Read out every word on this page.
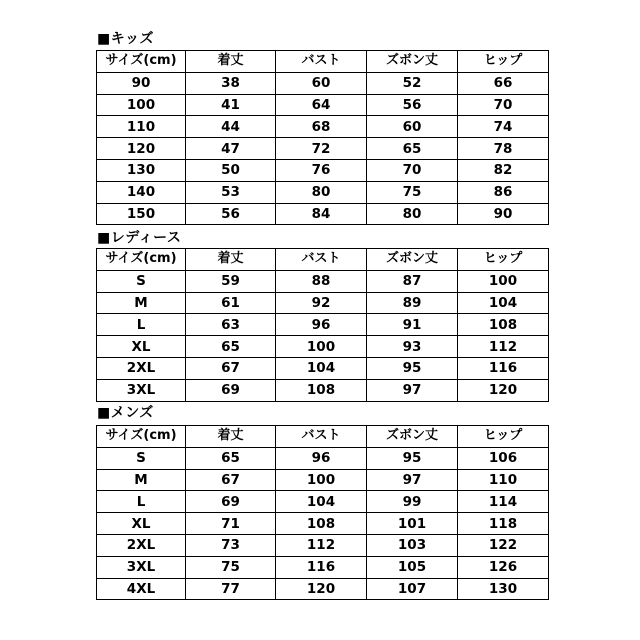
■キッズ
サイズ(cm)	着丈	バスト	ズボン丈	ヒップ
90	38	60	52	66
100	41	64	56	70
110	44	68	60	74
120	47	72	65	78
130	50	76	70	82
140	53	80	75	86
150	56	84	80	90
■レディース
サイズ(cm)	着丈	バスト	ズボン丈	ヒップ
S	59	88	87	100
M	61	92	89	104
L	63	96	91	108
XL	65	100	93	112
2XL	67	104	95	116
3XL	69	108	97	120
■メンズ
サイズ(cm)	着丈	バスト	ズボン丈	ヒップ
S	65	96	95	106
M	67	100	97	110
L	69	104	99	114
XL	71	108	101	118
2XL	73	112	103	122
3XL	75	116	105	126
4XL	77	120	107	130
